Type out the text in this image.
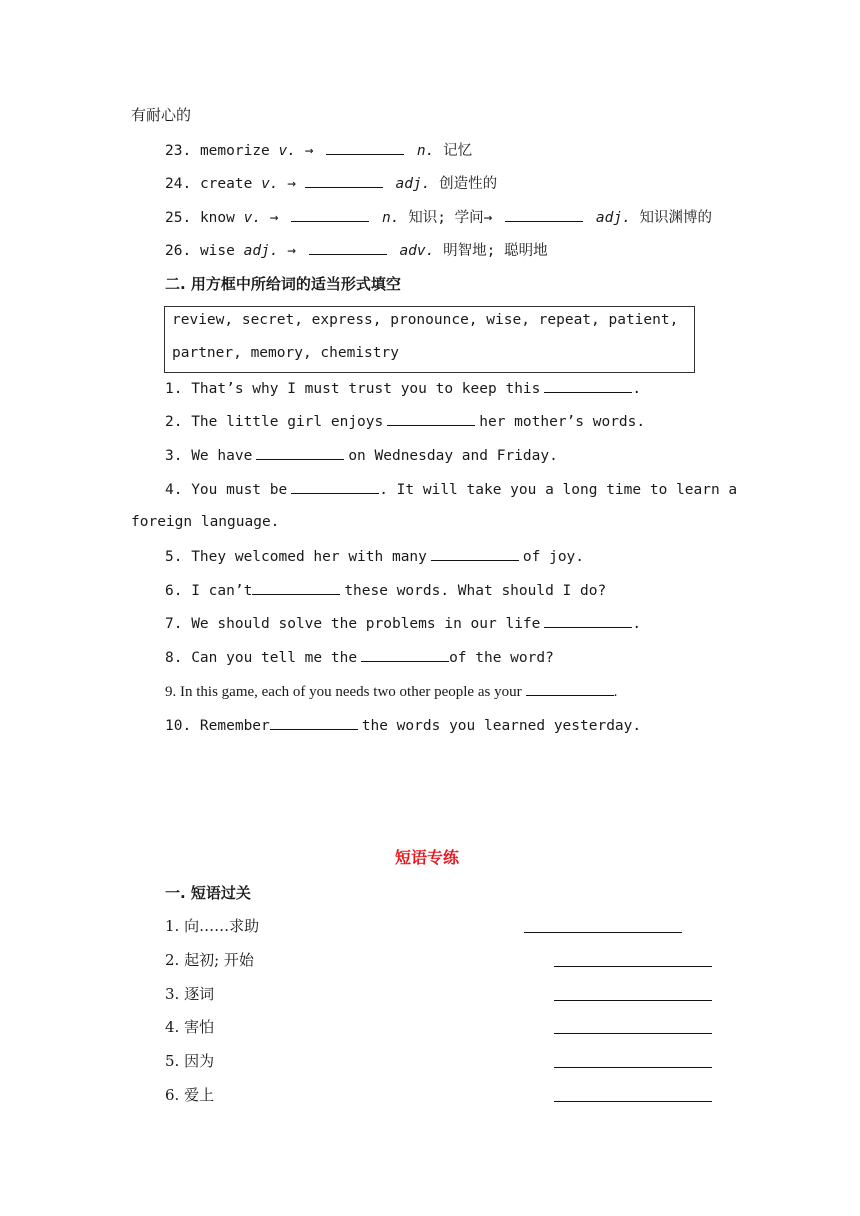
有耐心的
23. memorize v. →	n. 记忆
24. create v. →	adj. 创造性的
25. know v. →	n. 知识; 学问→	adj. 知识渊博的
26. wise adj. →	adv. 明智地; 聪明地
二. 用方框中所给词的适当形式填空
review, secret, express, pronounce, wise, repeat, patient,
partner, memory, chemistry
1. That’s why I must trust you to keep this	.
2. The little girl enjoys	her mother’s words.
3. We have	on Wednesday and Friday.
4. You must be	. It will take you a long time to learn a
foreign language.
5. They welcomed her with many	of joy.
6. I can’t	these words. What should I do?
7. We should solve the problems in our life	.
8. Can you tell me the	of the word?
9. In this game, each of you needs two other people as your	.
10. Remember	the words you learned yesterday.
短语专练
一. 短语过关
1. 向……求助
2. 起初; 开始
3. 逐词
4. 害怕
5. 因为
6. 爱上
